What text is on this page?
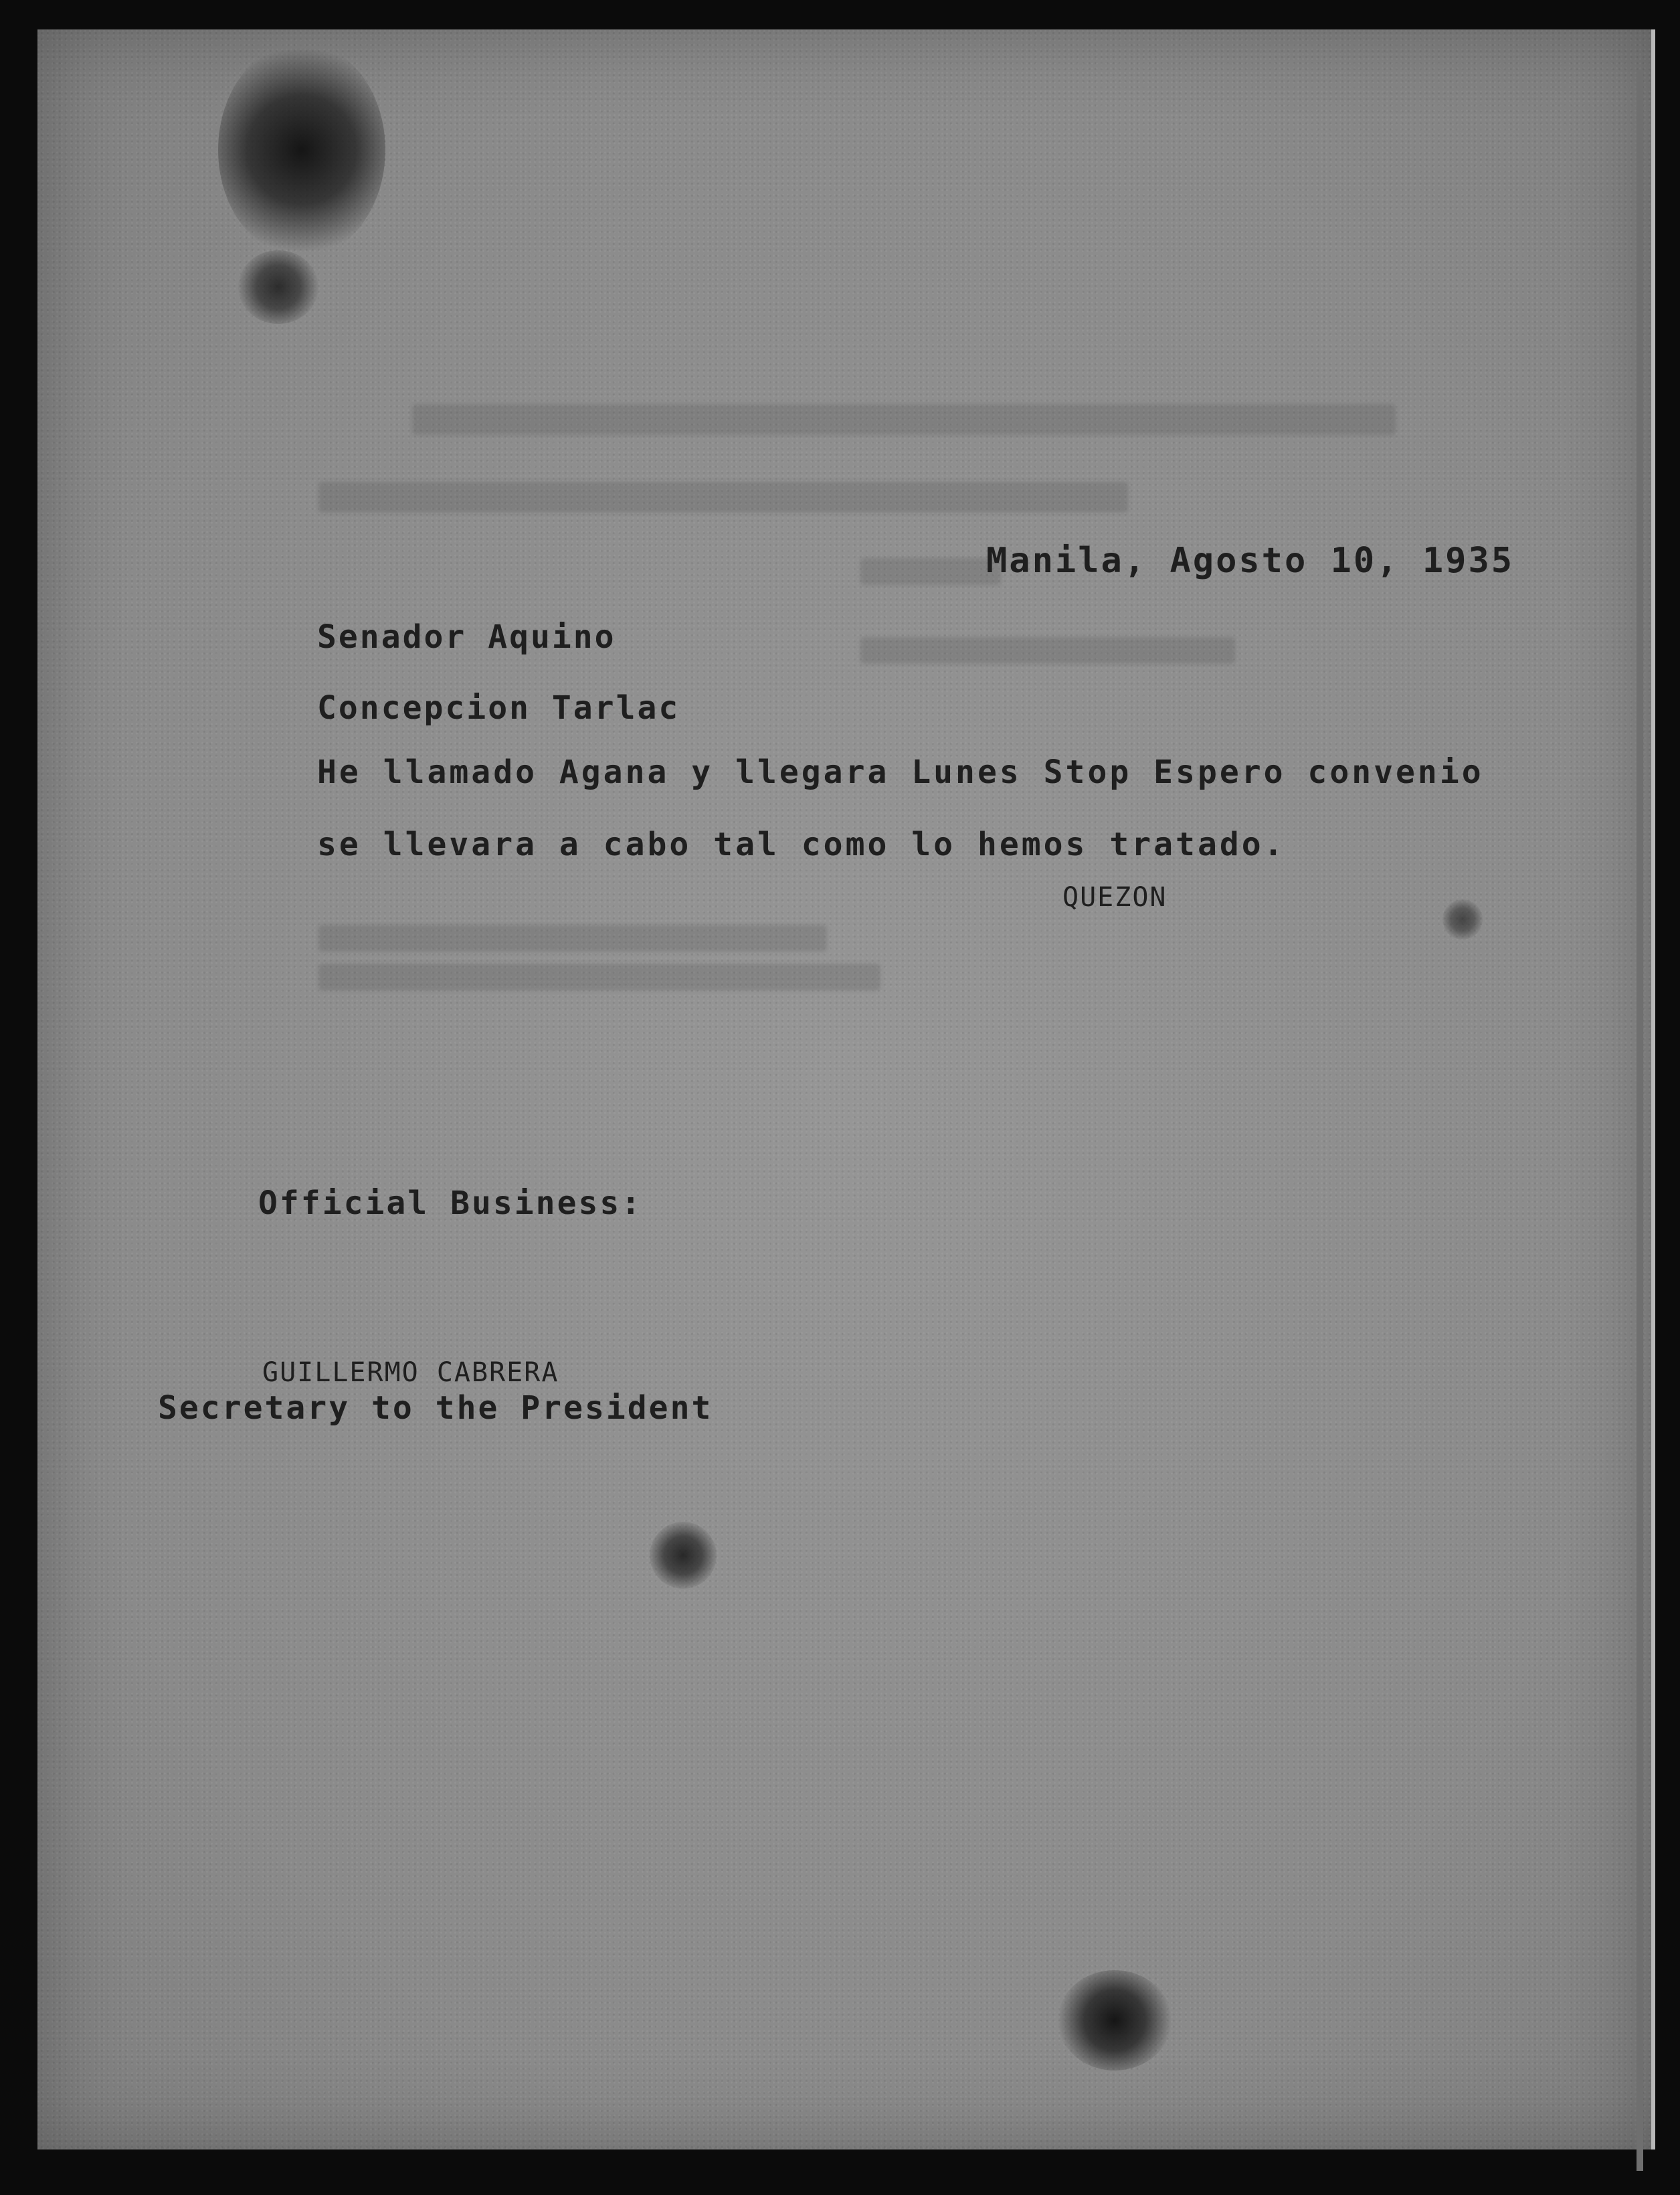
Manila, Agosto 10, 1935

Senador Aquino

Concepcion Tarlac

He llamado Agana y llegara Lunes Stop Espero convenio

se llevara a cabo tal como lo hemos tratado.

QUEZON

Official Business:

GUILLERMO CABRERA

Secretary to the President
